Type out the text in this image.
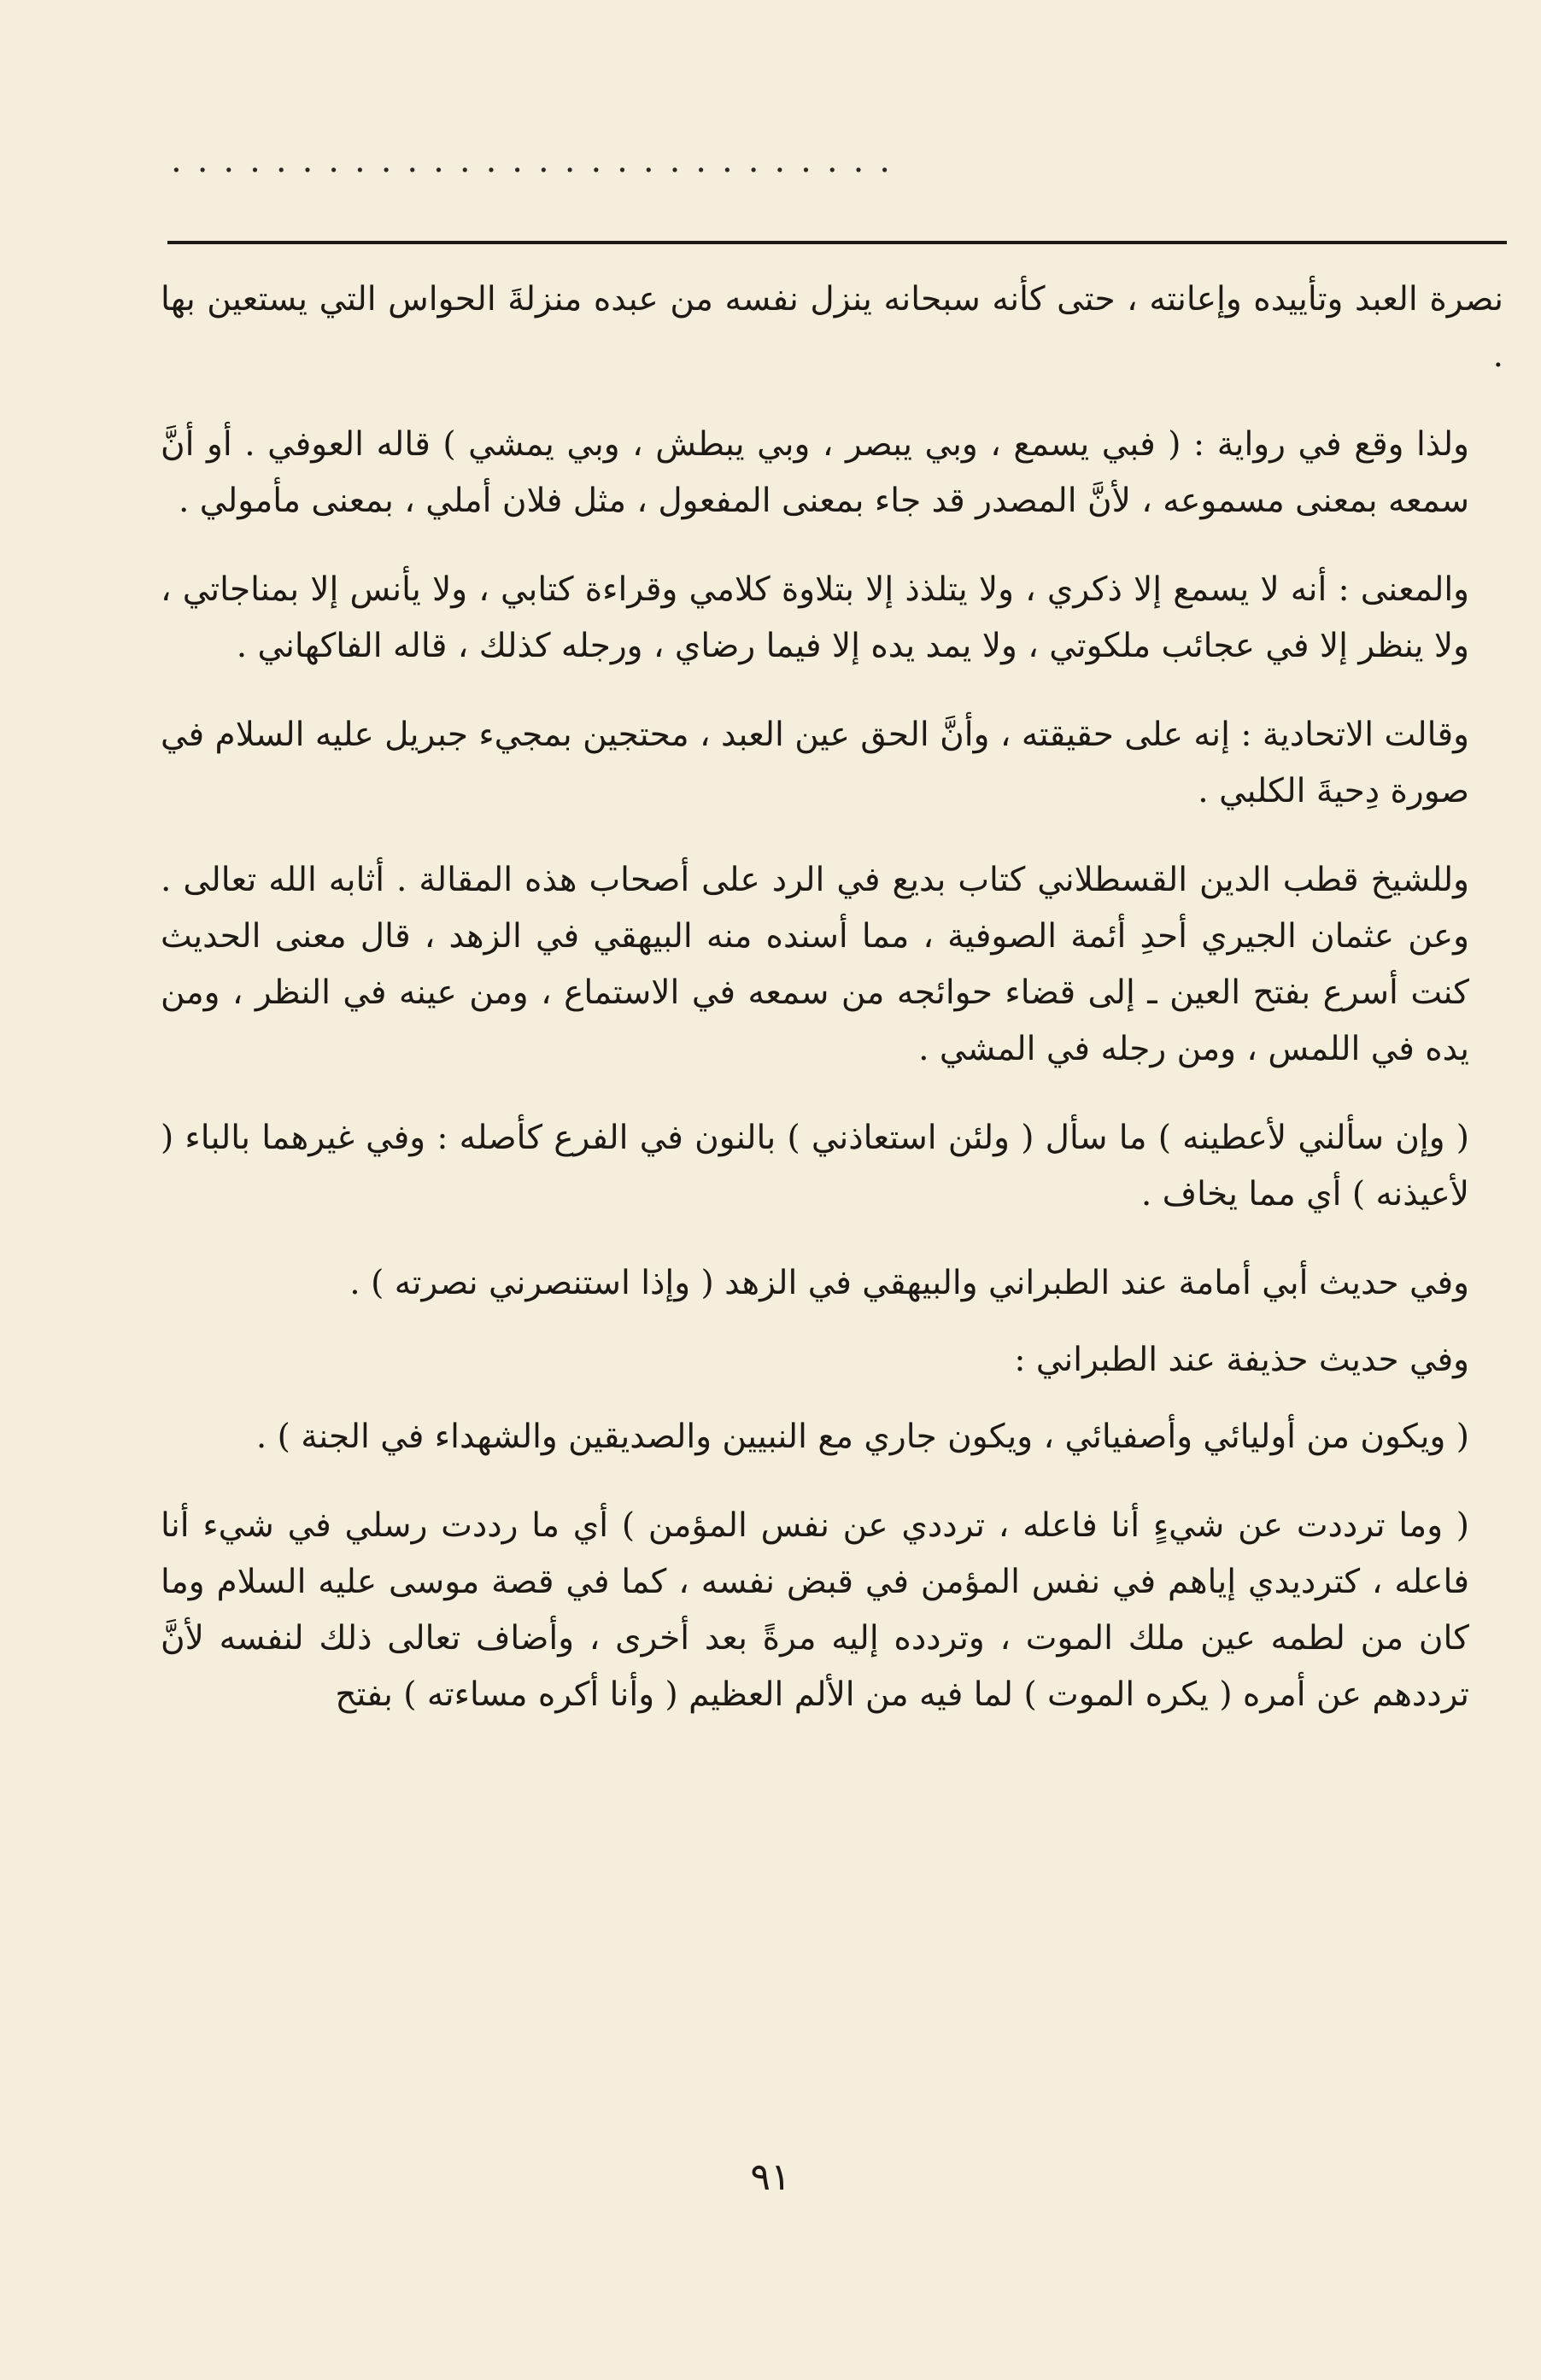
............................

نصرة العبد وتأييده وإعانته ، حتى كأنه سبحانه ينزل نفسه من عبده منزلةَ الحواس التي يستعين بها .

ولذا وقع في رواية : ( فبي يسمع ، وبي يبصر ، وبي يبطش ، وبي يمشي ) قاله العوفي . أو أنَّ سمعه بمعنى مسموعه ، لأنَّ المصدر قد جاء بمعنى المفعول ، مثل فلان أملي ، بمعنى مأمولي .

والمعنى : أنه لا يسمع إلا ذكري ، ولا يتلذذ إلا بتلاوة كلامي وقراءة كتابي ، ولا يأنس إلا بمناجاتي ، ولا ينظر إلا في عجائب ملكوتي ، ولا يمد يده إلا فيما رضاي ، ورجله كذلك ، قاله الفاكهاني .

وقالت الاتحادية : إنه على حقيقته ، وأنَّ الحق عين العبد ، محتجين بمجيء جبريل عليه السلام في صورة دِحيةَ الكلبي .

وللشيخ قطب الدين القسطلاني كتاب بديع في الرد على أصحاب هذه المقالة . أثابه الله تعالى . وعن عثمان الجيري أحدِ أئمة الصوفية ، مما أسنده منه البيهقي في الزهد ، قال معنى الحديث كنت أسرع بفتح العين ـ إلى قضاء حوائجه من سمعه في الاستماع ، ومن عينه في النظر ، ومن يده في اللمس ، ومن رجله في المشي .

( وإن سألني لأعطينه ) ما سأل ( ولئن استعاذني ) بالنون في الفرع كأصله : وفي غيرهما بالباء ( لأعيذنه ) أي مما يخاف .

وفي حديث أبي أمامة عند الطبراني والبيهقي في الزهد ( وإذا استنصرني نصرته ) .

وفي حديث حذيفة عند الطبراني :

( ويكون من أوليائي وأصفيائي ، ويكون جاري مع النبيين والصديقين والشهداء في الجنة ) .

( وما ترددت عن شيءٍ أنا فاعله ، ترددي عن نفس المؤمن ) أي ما رددت رسلي في شيء أنا فاعله ، كترديدي إياهم في نفس المؤمن في قبض نفسه ، كما في قصة موسى عليه السلام وما كان من لطمه عين ملك الموت ، وتردده إليه مرةً بعد أخرى ، وأضاف تعالى ذلك لنفسه لأنَّ ترددهم عن أمره ( يكره الموت ) لما فيه من الألم العظيم ( وأنا أكره مساءته ) بفتح

٩١
